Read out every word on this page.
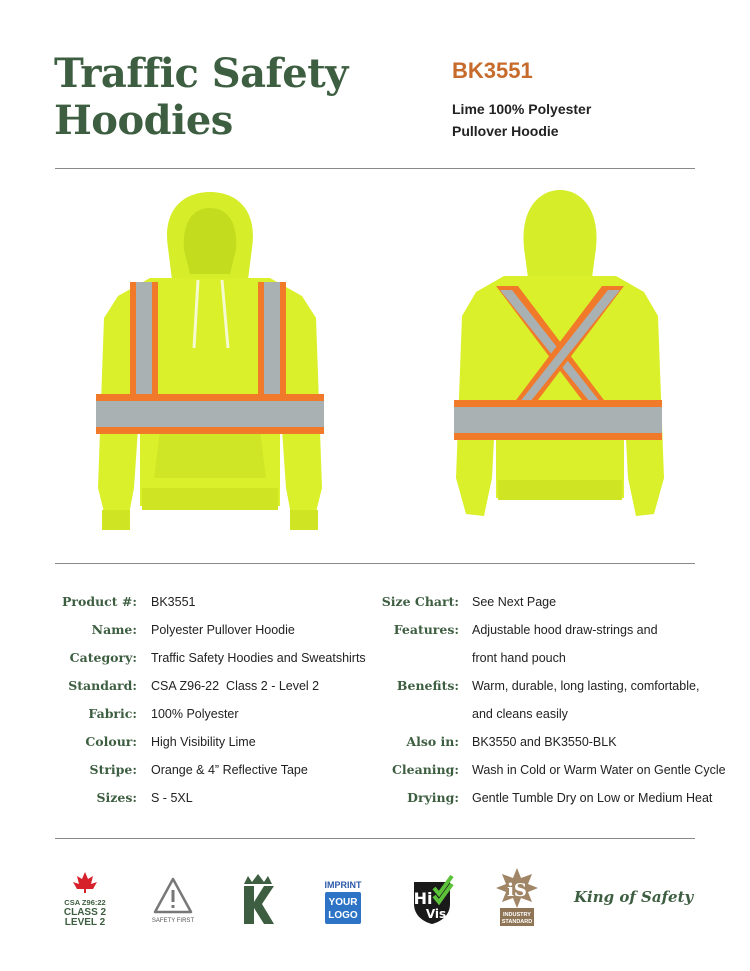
Traffic Safety
Hoodies
BK3551
Lime 100% Polyester
Pullover Hoodie
Product #: BK3551
Name: Polyester Pullover Hoodie
Category: Traffic Safety Hoodies and Sweatshirts
Standard: CSA Z96-22  Class 2 - Level 2
Fabric: 100% Polyester
Colour: High Visibility Lime
Stripe: Orange & 4” Reflective Tape
Sizes: S - 5XL
Size Chart: See Next Page
Features: Adjustable hood draw-strings and
front hand pouch
Benefits: Warm, durable, long lasting, comfortable,
and cleans easily
Also in: BK3550 and BK3550-BLK
Cleaning: Wash in Cold or Warm Water on Gentle Cycle
Drying: Gentle Tumble Dry on Low or Medium Heat
CSA Z96:22
CLASS 2
LEVEL 2	SAFETY FIRST
IMPRINT
YOUR
LOGO
Hi
Vis
iS
INDUSTRY
STANDARD
King of Safety
